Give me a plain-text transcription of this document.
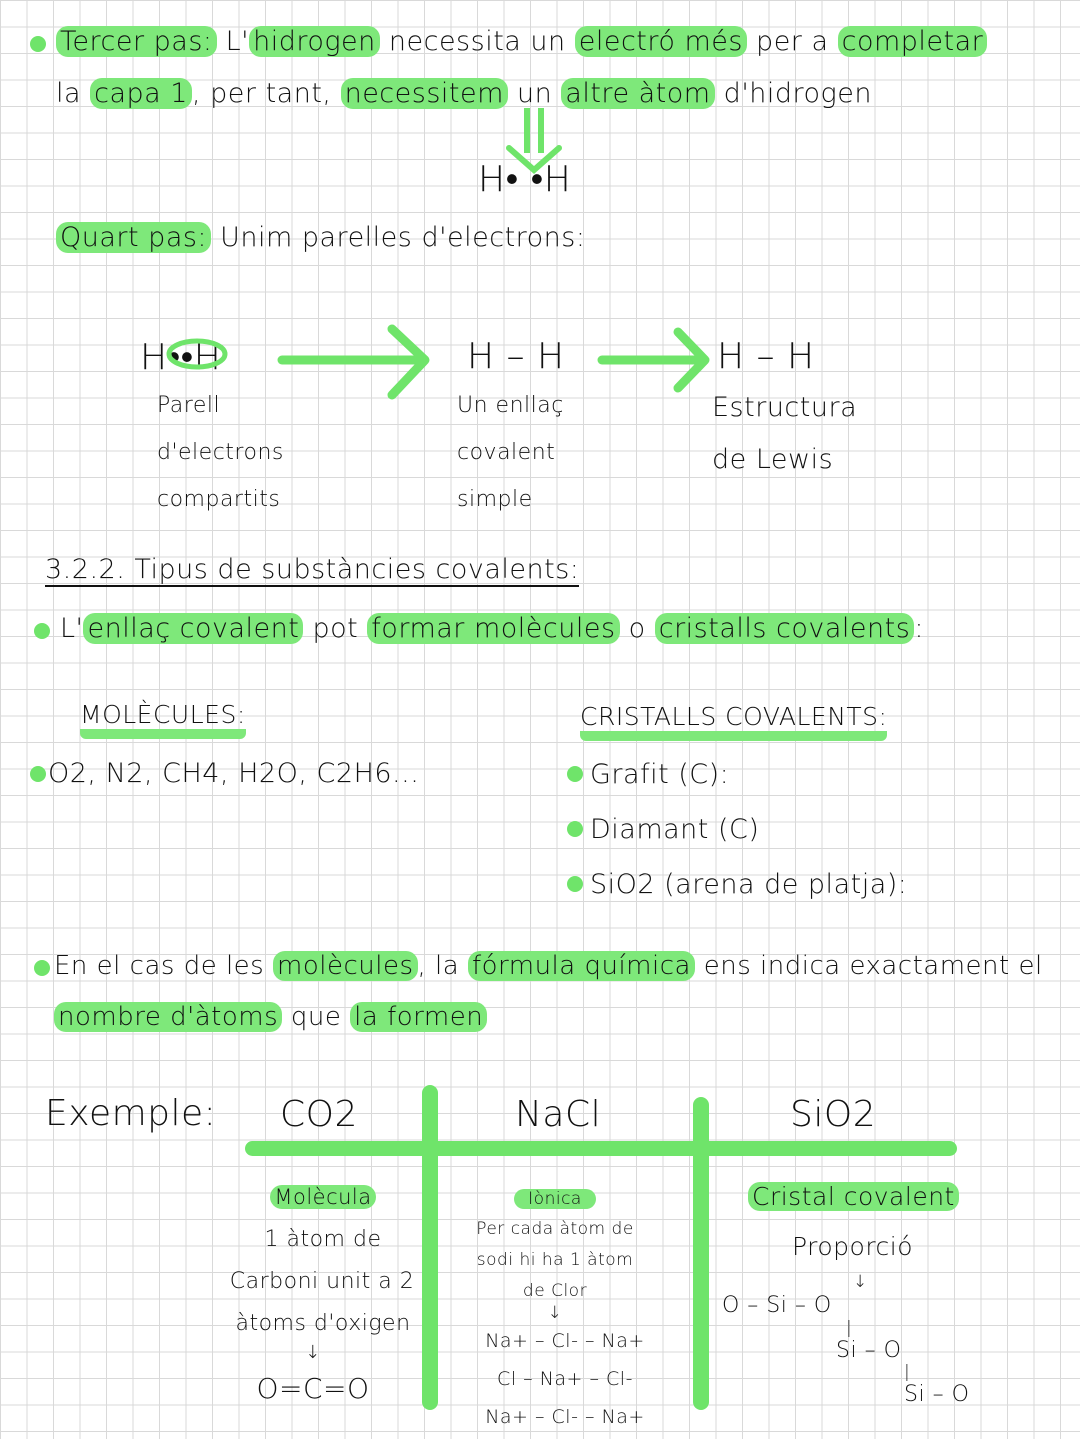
Tercer pas: L' hidrogen necessita un electró més per a completar
la capa 1 , per tant, necessitem un altre àtom d'hidrogen
H• •H
Quart pas: Unim parelles d'electrons:
H••H	H – H	H – H
Parell
d'electrons
compartits
Un enllaç
covalent
simple
Estructura
de Lewis
3.2.2. Tipus de substàncies covalents:
L' enllaç covalent pot formar molècules o cristalls covalents :
MOLÈCULES:
O2, N2, CH4, H2O, C2H6...
CRISTALLS COVALENTS:
Grafit (C):
Diamant (C)
SiO2 (arena de platja):
En el cas de les molècules , la fórmula química ens indica exactament el
nombre d'àtoms que la formen
Exemple: CO2	NaCl	SiO2
Molècula
1 àtom de
Carboni unit a 2
àtoms d'oxigen
↓
O=C=O
Iònica
Per cada àtom de
sodi hi ha 1 àtom
de Clor
↓
Na+ – Cl- – Na+
Cl – Na+ – Cl-
Na+ – Cl- – Na+
Cristal covalent
Proporció
↓
O – Si – O
|
Si – O
|
Si – O
